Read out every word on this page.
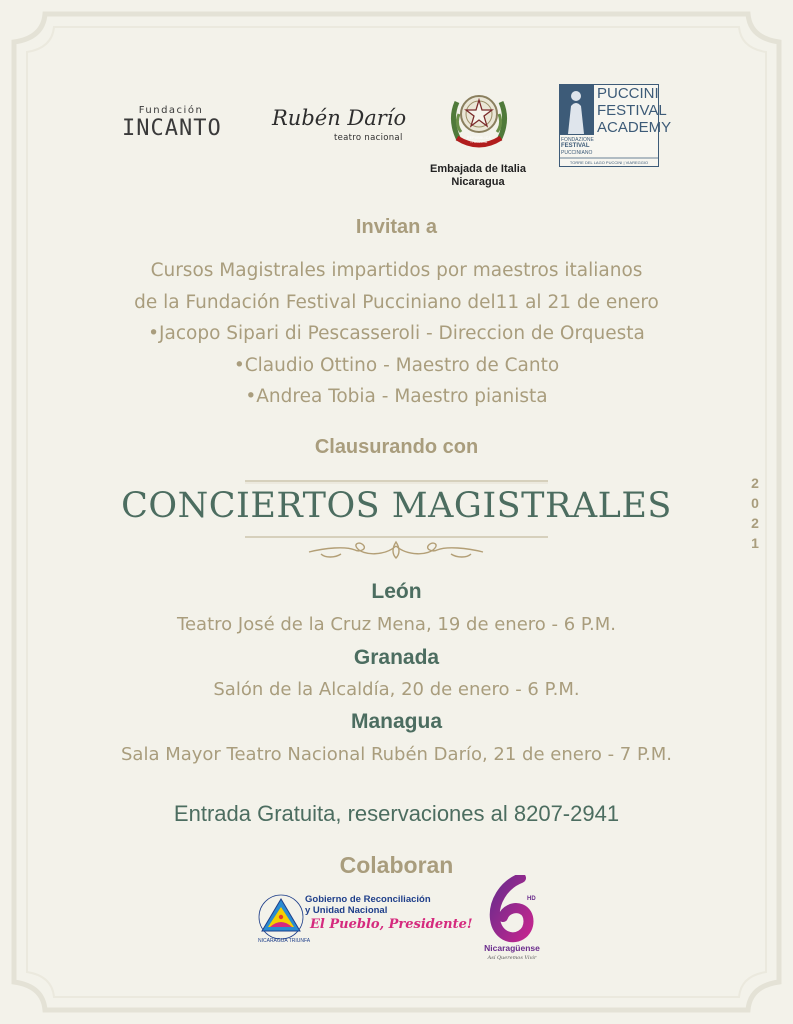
Fundación
INCANTO Rubén Darío
teatro nacional
Embajada de Italia
Nicaragua
REPVBBLICA ITALIANA
PUCCINI
FESTIVAL
ACADEMY
FONDAZIONE
FESTIVAL
PUCCINIANO
TORRE DEL LAGO PUCCINI | VIAREGGIO
Invitan a
Cursos Magistrales impartidos por maestros italianos
de la Fundación Festival Pucciniano del11 al 21 de enero
•Jacopo Sipari di Pescasseroli - Direccion de Orquesta
•Claudio Ottino - Maestro de Canto
•Andrea Tobia - Maestro pianista
Clausurando con
CONCIERTOS MAGISTRALES
2
0
2
1
León
Teatro José de la Cruz Mena, 19 de enero - 6 P.M.
Granada
Salón de la Alcaldía, 20 de enero - 6 P.M.
Managua
Sala Mayor Teatro Nacional Rubén Darío, 21 de enero - 7 P.M.
Entrada Gratuita, reservaciones al 8207-2941
Colaboran
NICARAGUA TRIUNFA
Gobierno de Reconciliación
y Unidad Nacional
El Pueblo, Presidente!
HD
Nicaragüense
Así Queremos Vivir
